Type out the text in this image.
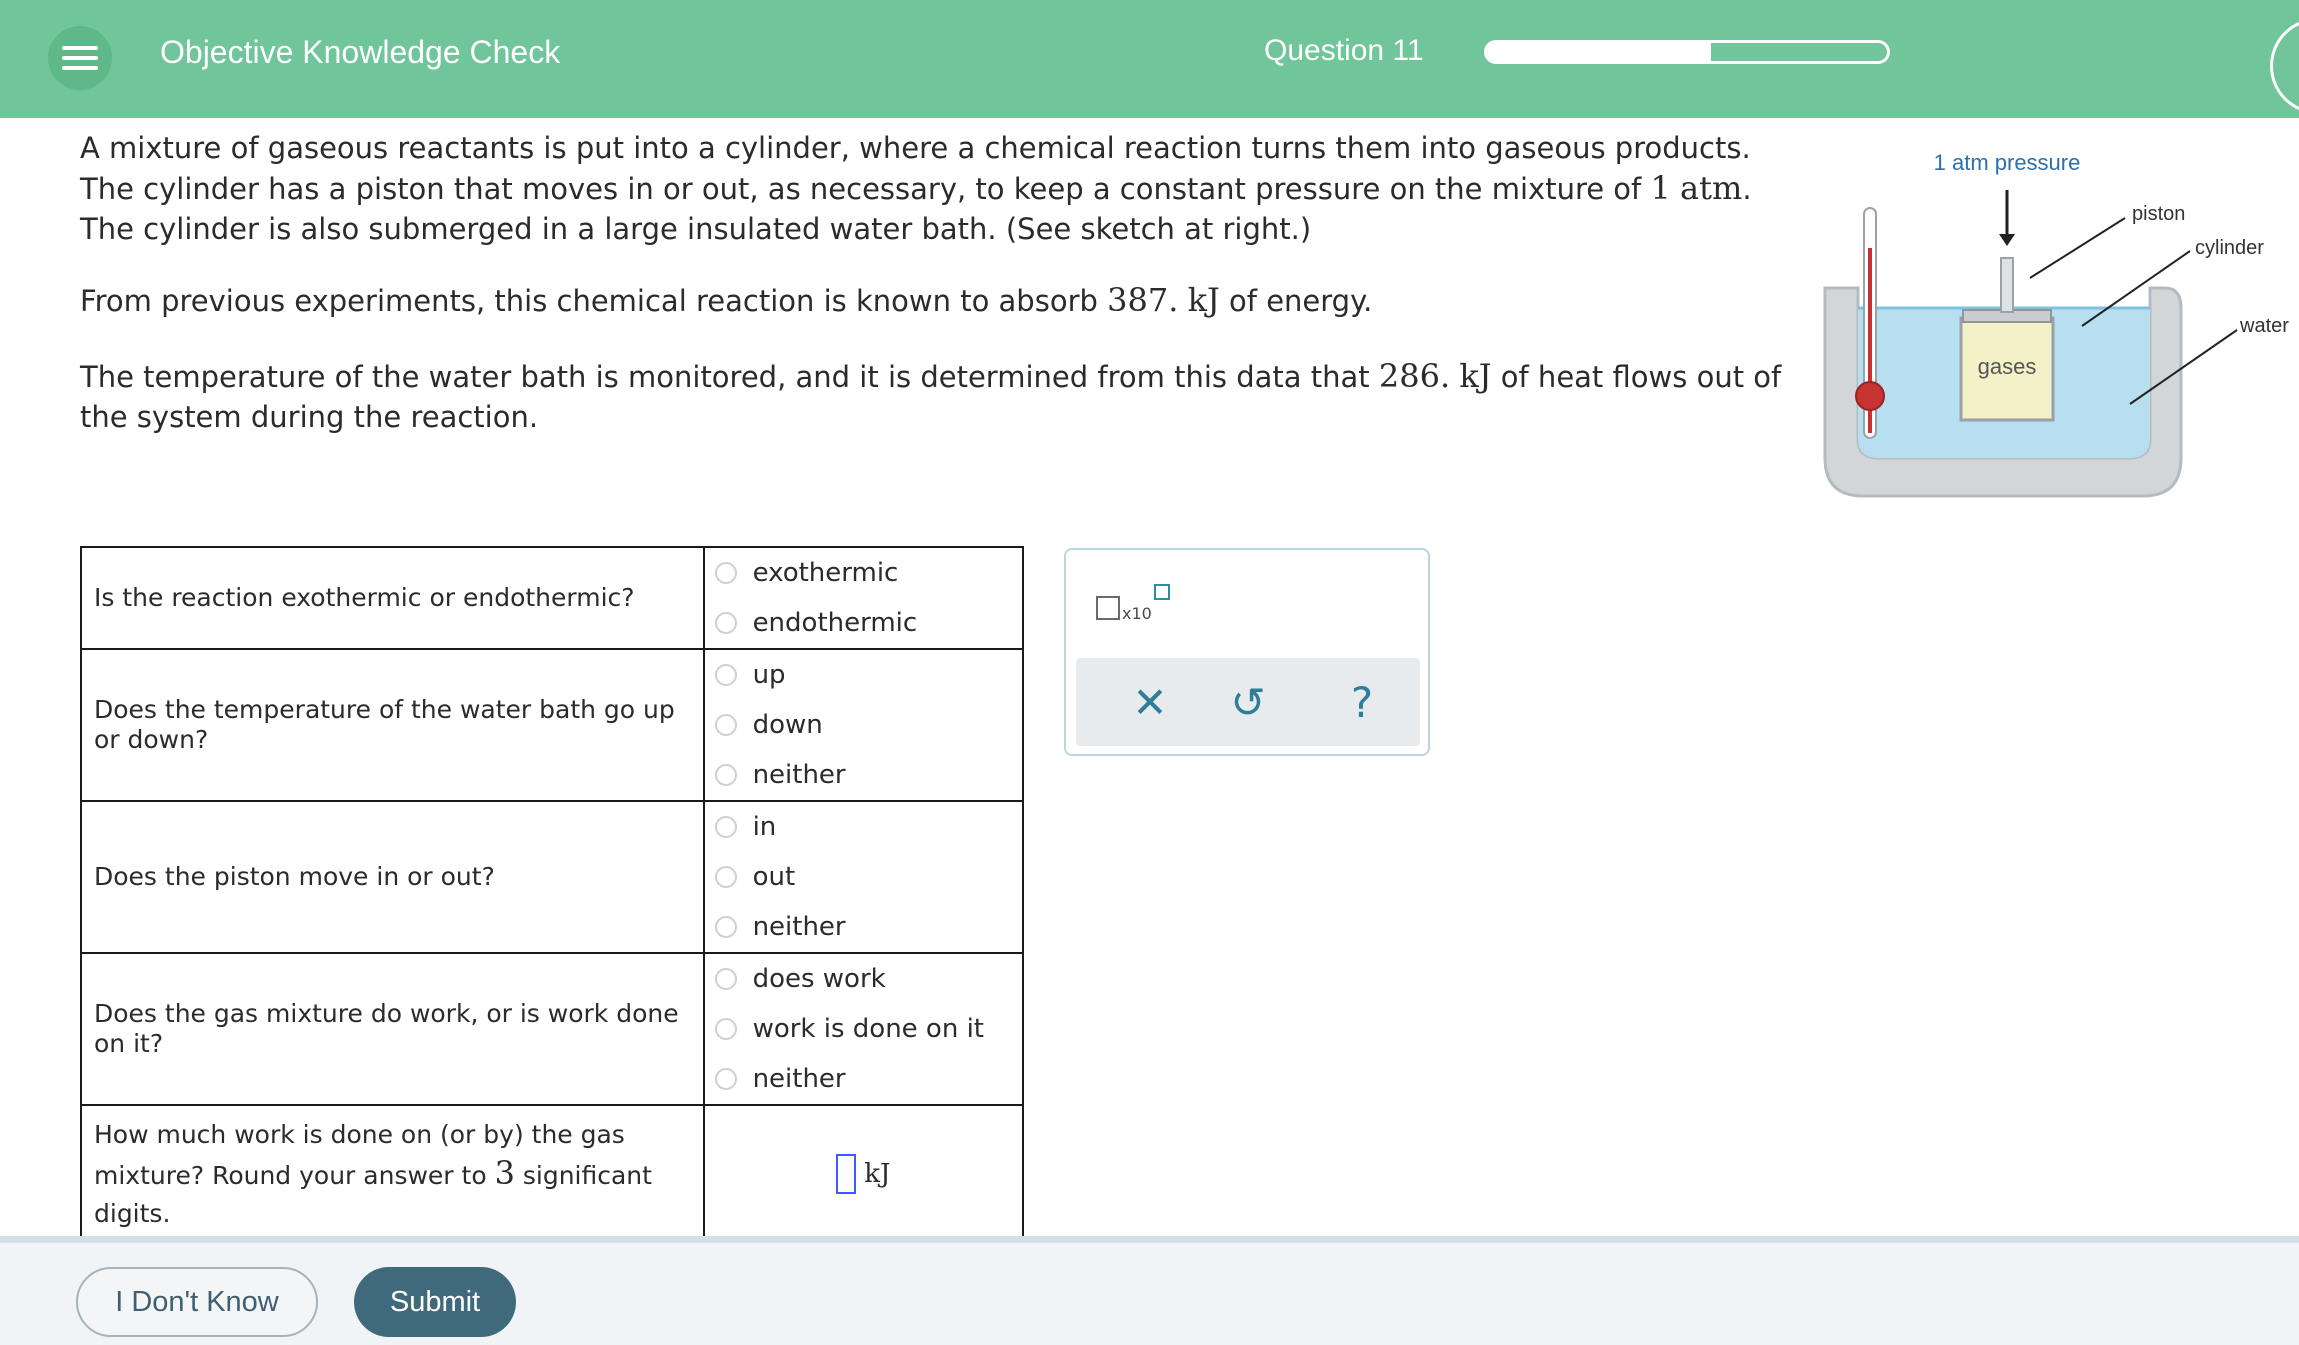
Objective Knowledge Check	Question 11

A mixture of gaseous reactants is put into a cylinder, where a chemical reaction turns them into gaseous products. The cylinder has a piston that moves in or out, as necessary, to keep a constant pressure on the mixture of 1 atm. The cylinder is also submerged in a large insulated water bath. (See sketch at right.)

From previous experiments, this chemical reaction is known to absorb 387. kJ of energy.

The temperature of the water bath is monitored, and it is determined from this data that 286. kJ of heat flows out of the system during the reaction.

1 atm pressure
piston
cylinder
water
gases
Is the reaction exothermic or endothermic?	exothermic
endothermic

Does the temperature of the water bath go up or down?	up
down
neither

Does the piston move in or out?	in
out
neither

Does the gas mixture do work, or is work done on it?	does work
work is done on it
neither

How much work is done on (or by) the gas mixture? Round your answer to 3 significant digits.	kJ
x10
✕ ↺	?
I Don't Know	Submit
